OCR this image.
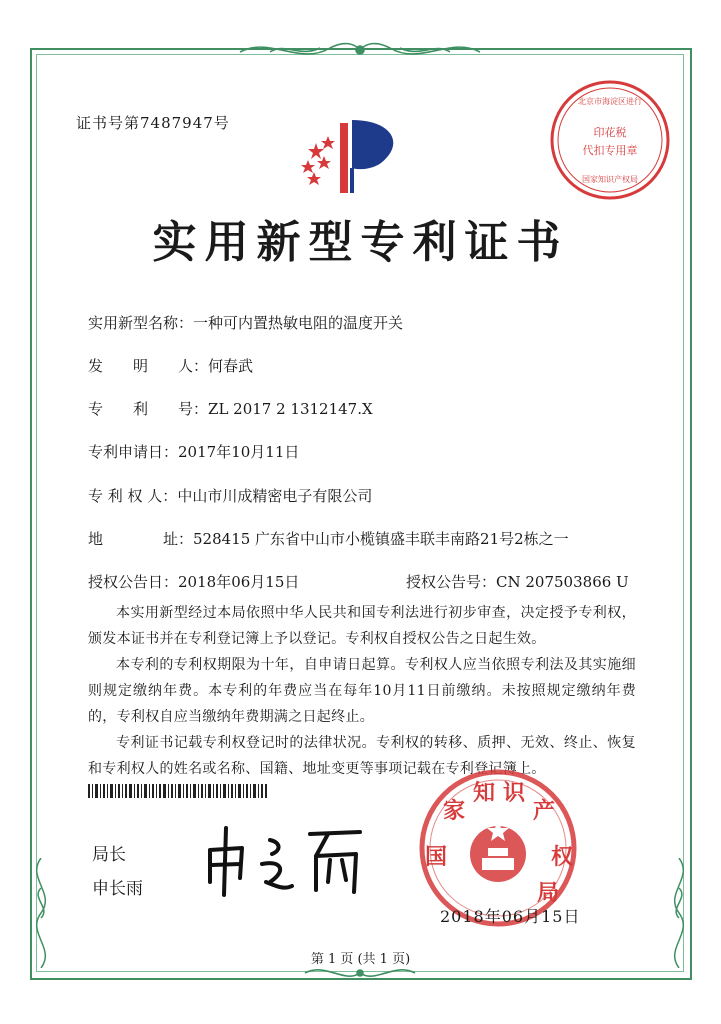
证书号第7487947号
印花税
代扣专用章
北京市海淀区进行
国家知识产权局
实用新型专利证书
实用新型名称：一种可内置热敏电阻的温度开关
发　　明　　人：何春武
专　　利　　号：ZL 2017 2 1312147.X
专利申请日：2017年10月11日
专 利 权 人：中山市川成精密电子有限公司
地　　　　址：528415 广东省中山市小榄镇盛丰联丰南路21号2栋之一
授权公告日：2018年06月15日	授权公告号：CN 207503866 U

本实用新型经过本局依照中华人民共和国专利法进行初步审查，决定授予专利权，颁发本证书并在专利登记簿上予以登记。专利权自授权公告之日起生效。

本专利的专利权期限为十年，自申请日起算。专利权人应当依照专利法及其实施细则规定缴纳年费。本专利的年费应当在每年10月11日前缴纳。未按照规定缴纳年费的，专利权自应当缴纳年费期满之日起终止。

专利证书记载专利权登记时的法律状况。专利权的转移、质押、无效、终止、恢复和专利权人的姓名或名称、国籍、地址变更等事项记载在专利登记簿上。

局长
申长雨
国
家
知 识
产
权
局
2018年06月15日
第 1 页 (共 1 页)
